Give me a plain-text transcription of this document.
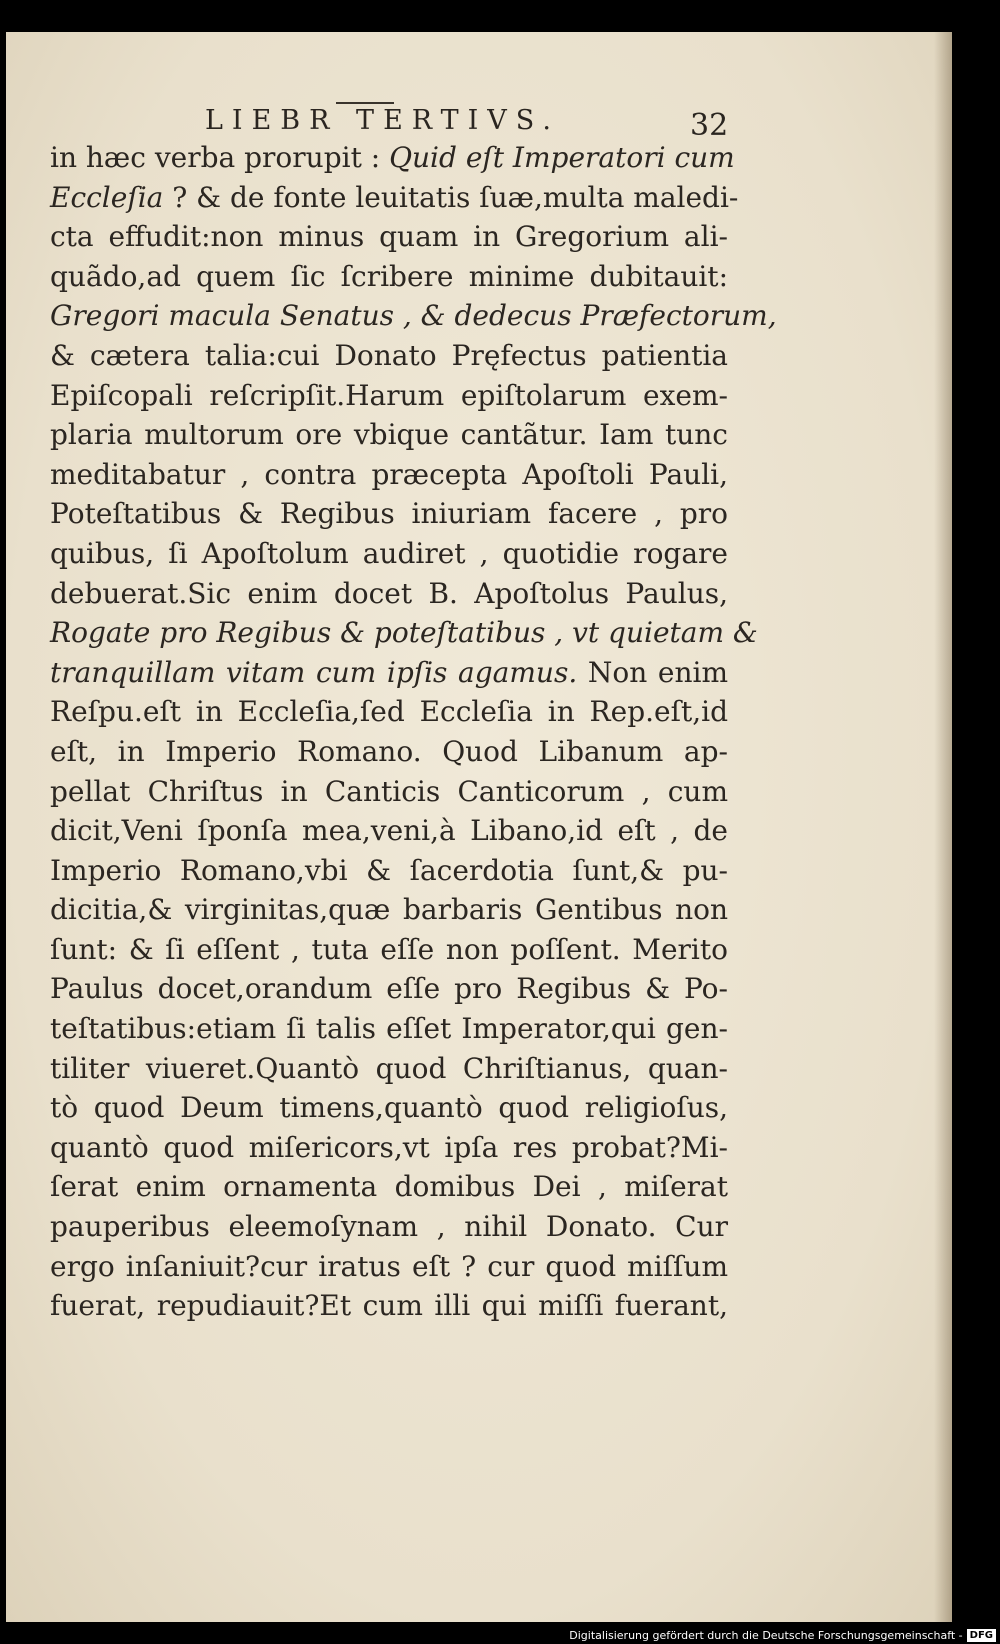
LIEBR TERTIVS.	32
in hæc verba prorupit : Quid eſt Imperatori cum
Eccleſia ? & de fonte leuitatis ſuæ,multa maledi-
cta effudit:non minus quam in Gregorium ali-
quãdo,ad quem ſic ſcribere minime dubitauit:
Gregori macula Senatus , & dedecus Præfectorum,
& cætera talia:cui Donato Pręfectus patientia
Epiſcopali reſcripſit.Harum epiſtolarum exem-
plaria multorum ore vbique cantãtur. Iam tunc
meditabatur , contra præcepta Apoſtoli Pauli,
Poteſtatibus & Regibus iniuriam facere , pro
quibus, ſi Apoſtolum audiret , quotidie rogare
debuerat.Sic enim docet B. Apoſtolus Paulus,
Rogate pro Regibus & poteſtatibus , vt quietam &
tranquillam vitam cum ipſis agamus. Non enim
Reſpu.eſt in Eccleſia,ſed Eccleſia in Rep.eſt,id
eſt, in Imperio Romano. Quod Libanum ap-
pellat Chriſtus in Canticis Canticorum , cum
dicit,Veni ſponſa mea,veni,à Libano,id eſt , de
Imperio Romano,vbi & ſacerdotia ſunt,& pu-
dicitia,& virginitas,quæ barbaris Gentibus non
ſunt: & ſi eſſent , tuta eſſe non poſſent. Merito
Paulus docet,orandum eſſe pro Regibus & Po-
teſtatibus:etiam ſi talis eſſet Imperator,qui gen-
tiliter viueret.Quantò quod Chriſtianus, quan-
tò quod Deum timens,quantò quod religioſus,
quantò quod miſericors,vt ipſa res probat?Mi-
ſerat enim ornamenta domibus Dei , miſerat
pauperibus eleemoſynam , nihil Donato. Cur
ergo inſaniuit?cur iratus eſt ? cur quod miſſum
fuerat, repudiauit?Et cum illi qui miſſi fuerant,
Digitalisierung gefördert durch die Deutsche Forschungsgemeinschaft - DFG
